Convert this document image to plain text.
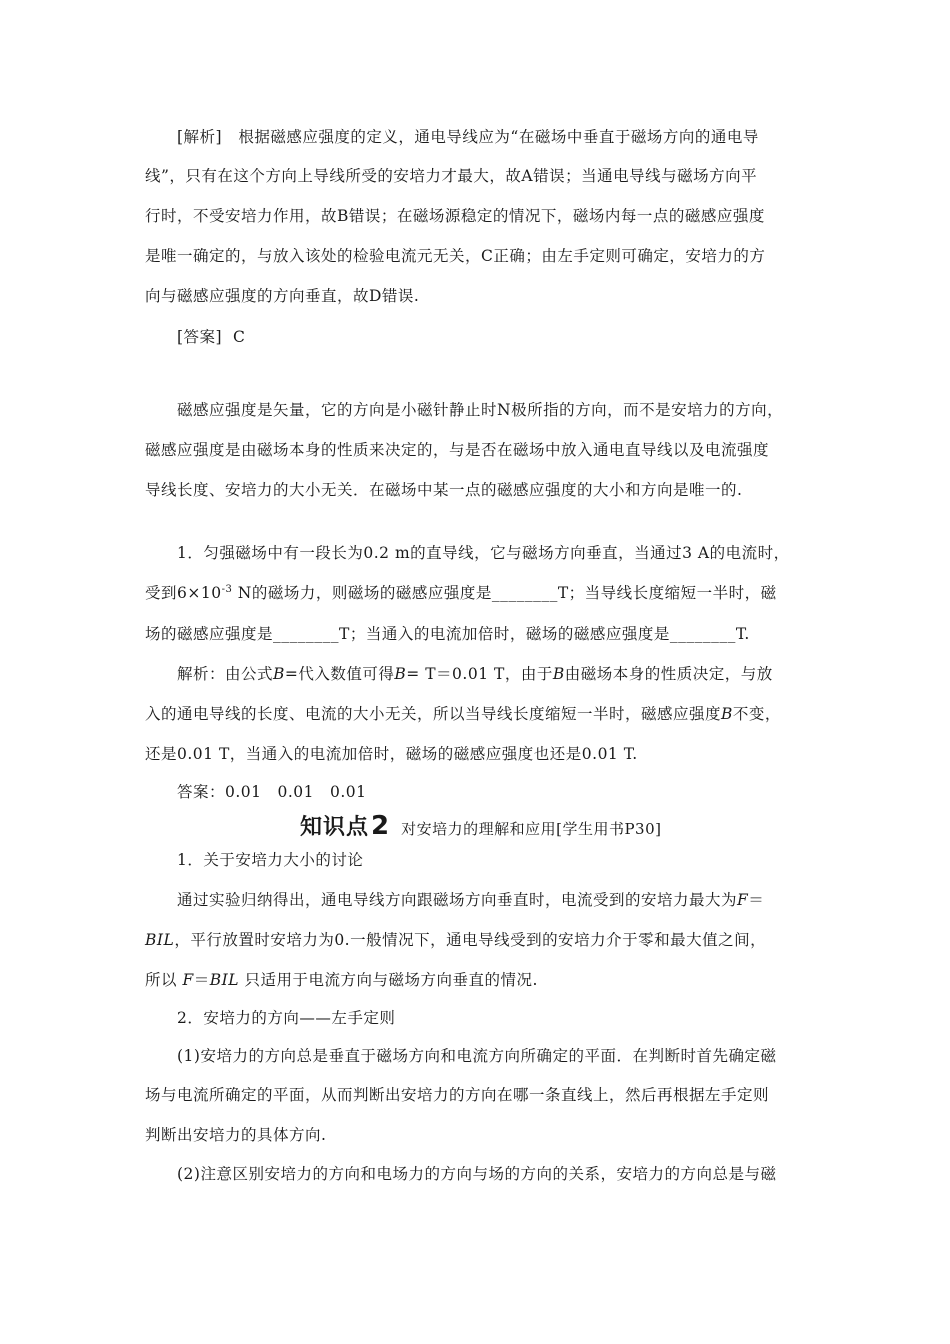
[解析] 根据磁感应强度的定义，通电导线应为“在磁场中垂直于磁场方向的通电导
线”，只有在这个方向上导线所受的安培力才最大，故A错误；当通电导线与磁场方向平
行时，不受安培力作用，故B错误；在磁场源稳定的情况下，磁场内每一点的磁感应强度
是唯一确定的，与放入该处的检验电流元无关，C正确；由左手定则可确定，安培力的方
向与磁感应强度的方向垂直，故D错误.
[答案] C
磁感应强度是矢量，它的方向是小磁针静止时N极所指的方向，而不是安培力的方向，
磁感应强度是由磁场本身的性质来决定的，与是否在磁场中放入通电直导线以及电流强度
导线长度、安培力的大小无关．在磁场中某一点的磁感应强度的大小和方向是唯一的.
1．匀强磁场中有一段长为0.2 m的直导线，它与磁场方向垂直，当通过3 A的电流时，
受到$6\times 10^{-3}$ N的磁场力，则磁场的磁感应强度是________T；当导线长度缩短一半时，磁
场的磁感应强度是________T；当通入的电流加倍时，磁场的磁感应强度是________T.
解析：由公式B=代入数值可得B= T＝0.01 T，由于B由磁场本身的性质决定，与放
入的通电导线的长度、电流的大小无关，所以当导线长度缩短一半时，磁感应强度B不变，
还是0.01 T，当通入的电流加倍时，磁场的磁感应强度也还是0.01 T.
答案：0.01　0.01　0.01
知识点2 对安培力的理解和应用[学生用书P30]
1．关于安培力大小的讨论
通过实验归纳得出，通电导线方向跟磁场方向垂直时，电流受到的安培力最大为F＝
BIL，平行放置时安培力为0.一般情况下，通电导线受到的安培力介于零和最大值之间，
所以 F＝BIL 只适用于电流方向与磁场方向垂直的情况.
2．安培力的方向——左手定则
(1)安培力的方向总是垂直于磁场方向和电流方向所确定的平面．在判断时首先确定磁
场与电流所确定的平面，从而判断出安培力的方向在哪一条直线上，然后再根据左手定则
判断出安培力的具体方向.
(2)注意区别安培力的方向和电场力的方向与场的方向的关系，安培力的方向总是与磁
